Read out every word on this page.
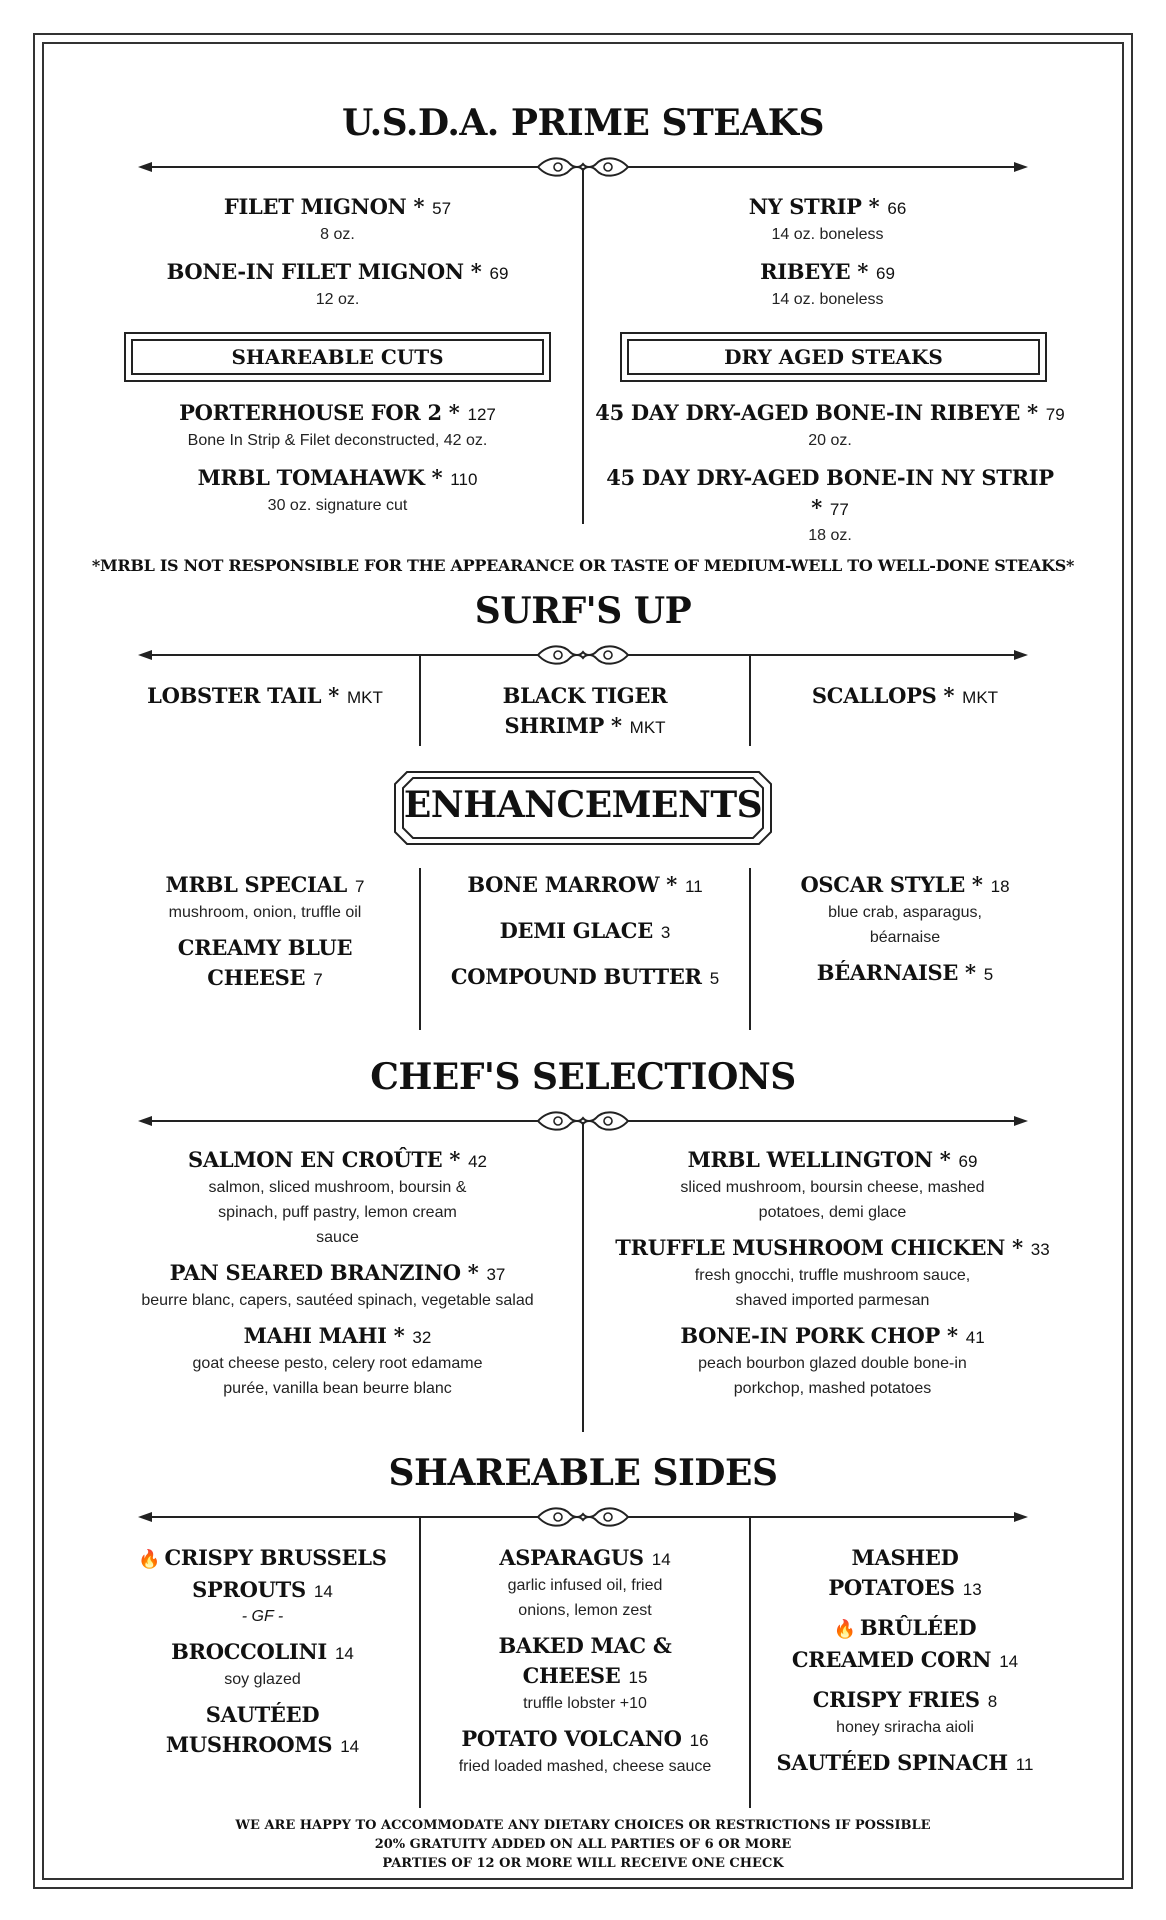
U.S.D.A. PRIME STEAKS
FILET MIGNON * 57
8 oz.
BONE-IN FILET MIGNON * 69
12 oz.
NY STRIP * 66
14 oz. boneless
RIBEYE * 69
14 oz. boneless
SHAREABLE CUTS	DRY AGED STEAKS
PORTERHOUSE FOR 2 * 127
Bone In Strip & Filet deconstructed, 42 oz.
MRBL TOMAHAWK * 110
30 oz. signature cut
45 DAY DRY-AGED BONE-IN RIBEYE * 79
20 oz.
45 DAY DRY-AGED BONE-IN NY STRIP * 77
18 oz.
*MRBL IS NOT RESPONSIBLE FOR THE APPEARANCE OR TASTE OF MEDIUM-WELL TO WELL-DONE STEAKS*
SURF'S UP
LOBSTER TAIL * MKT	BLACK TIGER
SHRIMP * MKT
SCALLOPS * MKT
ENHANCEMENTS
MRBL SPECIAL 7
mushroom, onion, truffle oil
CREAMY BLUE
CHEESE 7
BONE MARROW * 11
DEMI GLACE 3
COMPOUND BUTTER 5
OSCAR STYLE * 18
blue crab, asparagus,
béarnaise
BÉARNAISE * 5
CHEF'S SELECTIONS
SALMON EN CROÛTE * 42
salmon, sliced mushroom, boursin &
spinach, puff pastry, lemon cream
sauce
PAN SEARED BRANZINO * 37
beurre blanc, capers, sautéed spinach, vegetable salad
MAHI MAHI * 32
goat cheese pesto, celery root edamame
purée, vanilla bean beurre blanc
MRBL WELLINGTON * 69
sliced mushroom, boursin cheese, mashed
potatoes, demi glace
TRUFFLE MUSHROOM CHICKEN * 33
fresh gnocchi, truffle mushroom sauce,
shaved imported parmesan
BONE-IN PORK CHOP * 41
peach bourbon glazed double bone-in
porkchop, mashed potatoes
SHAREABLE SIDES
🔥 CRISPY BRUSSELS
SPROUTS 14
- GF -
BROCCOLINI 14
soy glazed
SAUTÉED
MUSHROOMS 14
ASPARAGUS 14
garlic infused oil, fried
onions, lemon zest
BAKED MAC &
CHEESE 15
truffle lobster +10
POTATO VOLCANO 16
fried loaded mashed, cheese sauce
MASHED
POTATOES 13
🔥 BRÛLÉED
CREAMED CORN 14
CRISPY FRIES 8
honey sriracha aioli
SAUTÉED SPINACH 11
WE ARE HAPPY TO ACCOMMODATE ANY DIETARY CHOICES OR RESTRICTIONS IF POSSIBLE
20% GRATUITY ADDED ON ALL PARTIES OF 6 OR MORE
PARTIES OF 12 OR MORE WILL RECEIVE ONE CHECK
